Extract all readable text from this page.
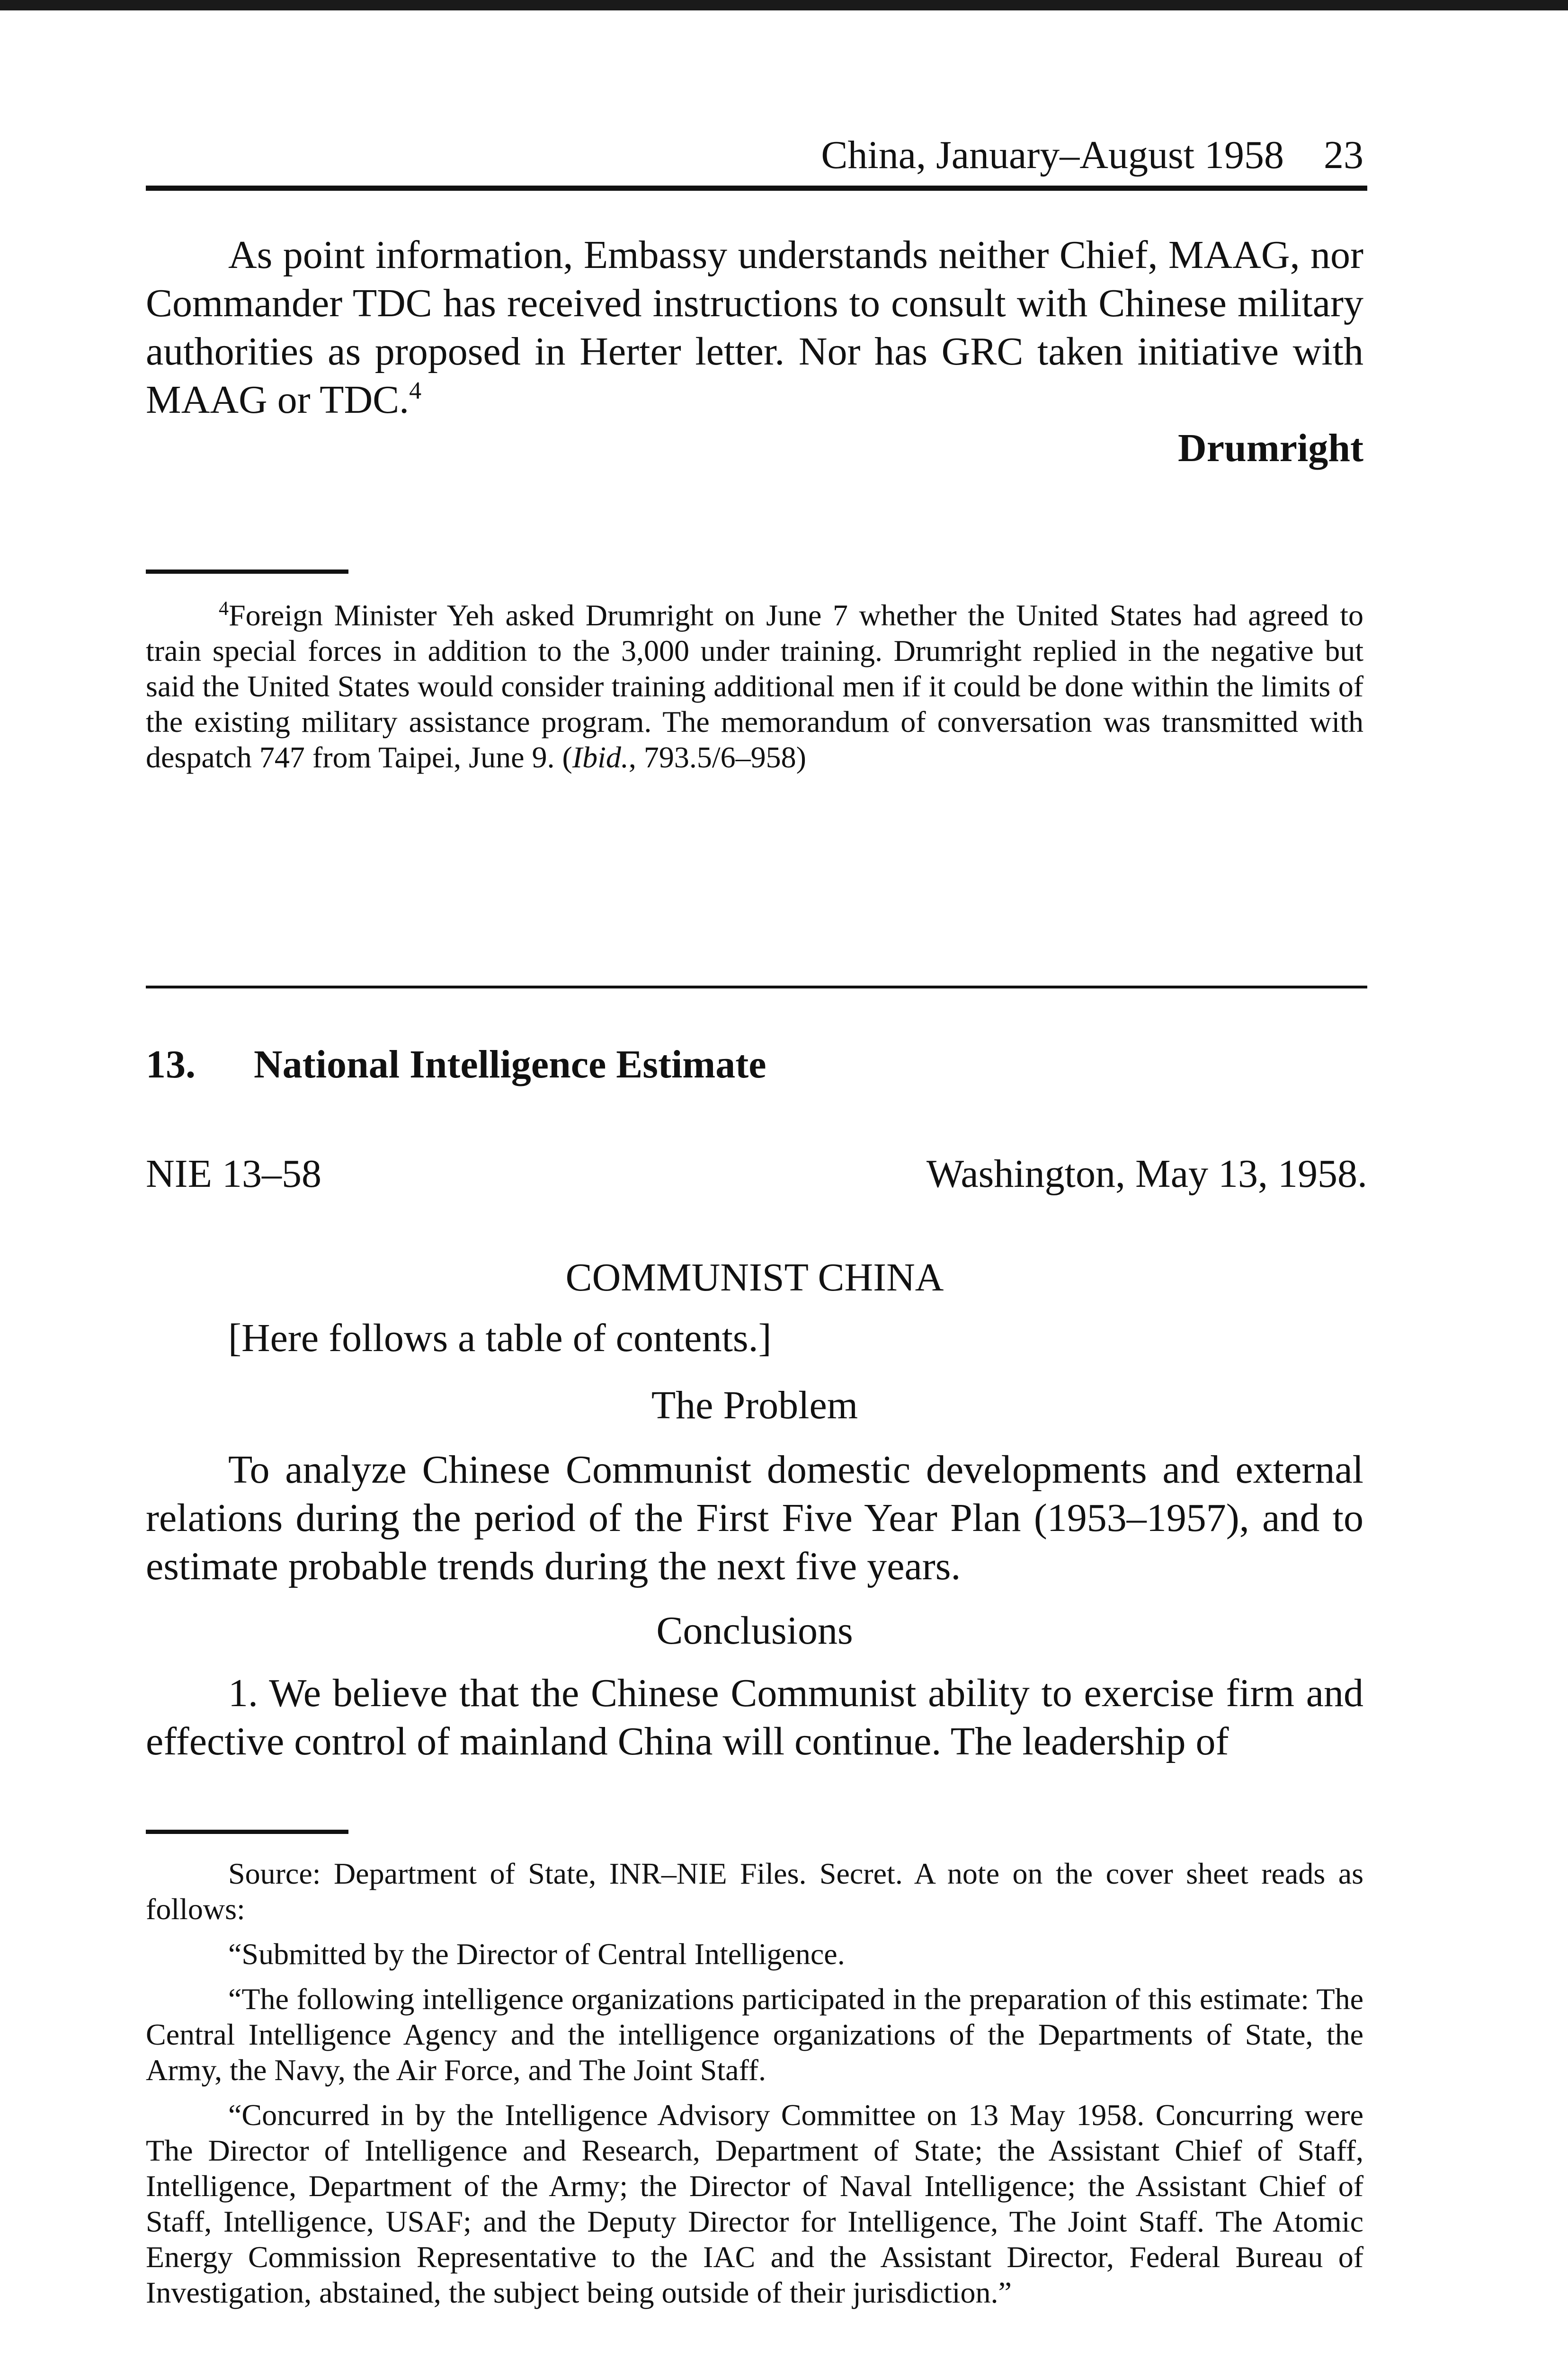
China, January–August 1958 23

As point information, Embassy understands neither Chief, MAAG, nor Commander TDC has received instructions to consult with Chinese military authorities as proposed in Herter letter. Nor has GRC taken initiative with MAAG or TDC.$^4$

Drumright

$^4$Foreign Minister Yeh asked Drumright on June 7 whether the United States had agreed to train special forces in addition to the 3,000 under training. Drumright replied in the negative but said the United States would consider training additional men if it could be done within the limits of the existing military assistance program. The memorandum of conversation was transmitted with despatch 747 from Taipei, June 9. (Ibid., 793.5/6–958)

13. National Intelligence Estimate
NIE 13–58	Washington, May 13, 1958.
COMMUNIST CHINA

[Here follows a table of contents.]

The Problem

To analyze Chinese Communist domestic developments and external relations during the period of the First Five Year Plan (1953–1957), and to estimate probable trends during the next five years.

Conclusions

1. We believe that the Chinese Communist ability to exercise firm and effective control of mainland China will continue. The leadership of

Source: Department of State, INR–NIE Files. Secret. A note on the cover sheet reads as follows:

“Submitted by the Director of Central Intelligence.

“The following intelligence organizations participated in the preparation of this estimate: The Central Intelligence Agency and the intelligence organizations of the Departments of State, the Army, the Navy, the Air Force, and The Joint Staff.

“Concurred in by the Intelligence Advisory Committee on 13 May 1958. Concurring were The Director of Intelligence and Research, Department of State; the Assistant Chief of Staff, Intelligence, Department of the Army; the Director of Naval Intelligence; the Assistant Chief of Staff, Intelligence, USAF; and the Deputy Director for Intelligence, The Joint Staff. The Atomic Energy Commission Representative to the IAC and the Assistant Director, Federal Bureau of Investigation, abstained, the subject being outside of their jurisdiction.”
